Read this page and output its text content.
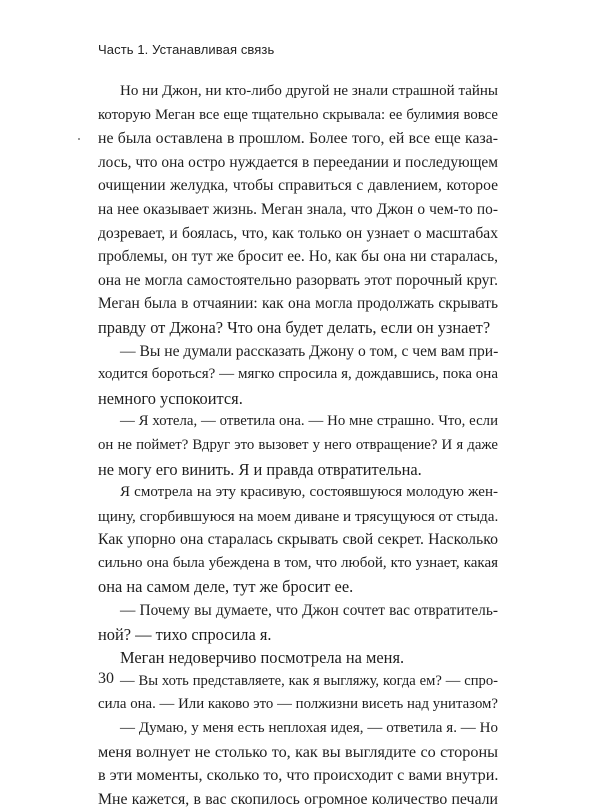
Часть 1. Устанавливая связь
Но ни Джон, ни кто-либо другой не знали страшной тайны
которую Меган все еще тщательно скрывала: ее булимия вовсе
не была оставлена в прошлом. Более того, ей все еще каза-
лось, что она остро нуждается в переедании и последующем
очищении желудка, чтобы справиться с давлением, которое
на нее оказывает жизнь. Меган знала, что Джон о чем-то по-
дозревает, и боялась, что, как только он узнает о масштабах
проблемы, он тут же бросит ее. Но, как бы она ни старалась,
она не могла самостоятельно разорвать этот порочный круг.
Меган была в отчаянии: как она могла продолжать скрывать
правду от Джона? Что она будет делать, если он узнает?
— Вы не думали рассказать Джону о том, с чем вам при-
ходится бороться? — мягко спросила я, дождавшись, пока она
немного успокоится.
— Я хотела, — ответила она. — Но мне страшно. Что, если
он не поймет? Вдруг это вызовет у него отвращение? И я даже
не могу его винить. Я и правда отвратительна.
Я смотрела на эту красивую, состоявшуюся молодую жен-
щину, сгорбившуюся на моем диване и трясущуюся от стыда.
Как упорно она старалась скрывать свой секрет. Насколько
сильно она была убеждена в том, что любой, кто узнает, какая
она на самом деле, тут же бросит ее.
— Почему вы думаете, что Джон сочтет вас отвратитель-
ной? — тихо спросила я.
Меган недоверчиво посмотрела на меня.
— Вы хоть представляете, как я выгляжу, когда ем? — спро-
сила она. — Или каково это — полжизни висеть над унитазом?
— Думаю, у меня есть неплохая идея, — ответила я. — Но
меня волнует не столько то, как вы выглядите со стороны
в эти моменты, сколько то, что происходит с вами внутри.
Мне кажется, в вас скопилось огромное количество печали
30
